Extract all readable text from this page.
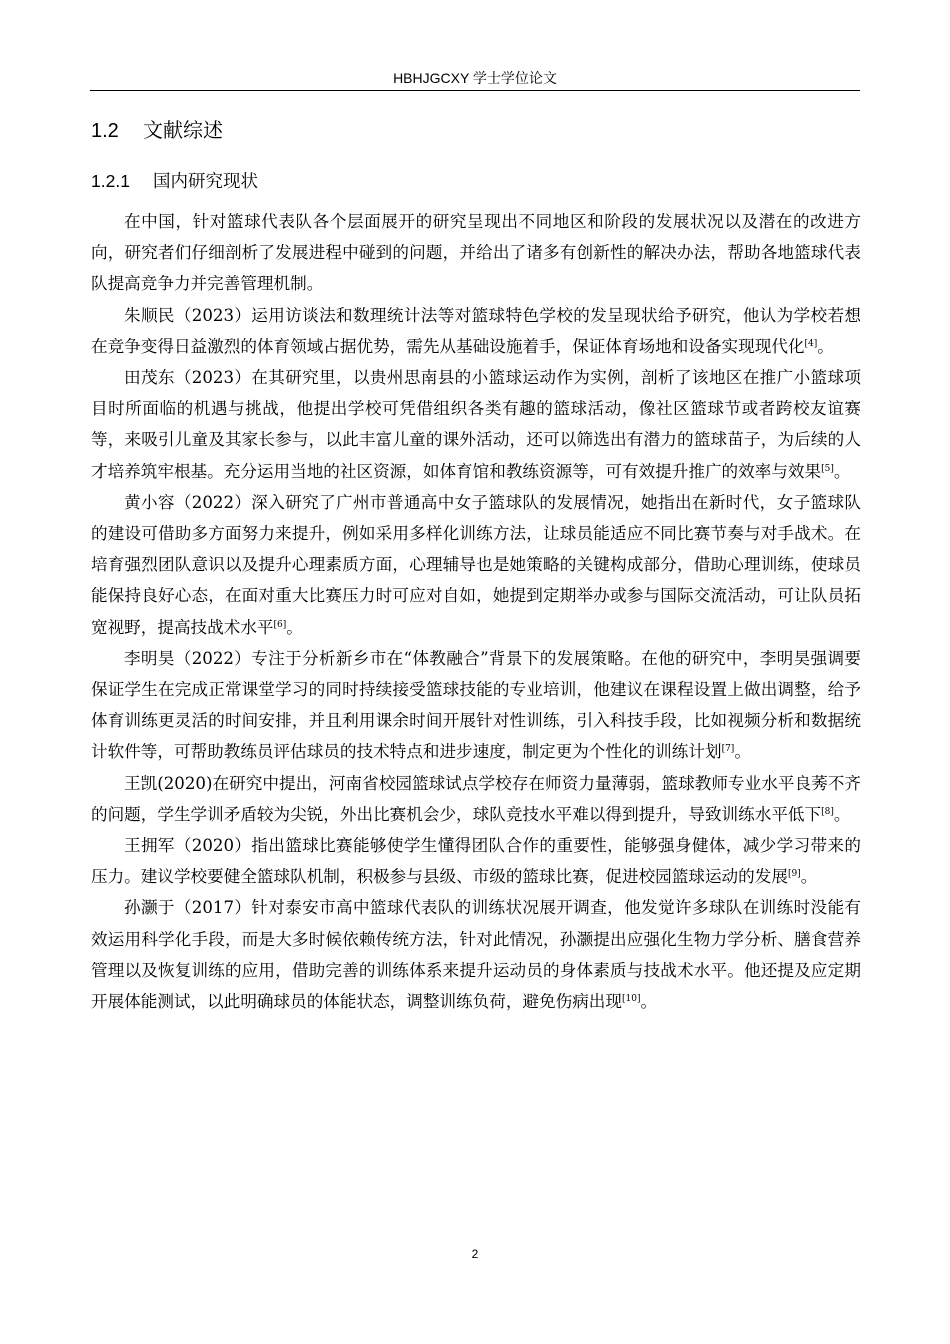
HBHJGCXY 学士学位论文
1.2 文献综述
1.2.1 国内研究现状

在中国，针对篮球代表队各个层面展开的研究呈现出不同地区和阶段的发展状况以及潜在的改进方向，研究者们仔细剖析了发展进程中碰到的问题，并给出了诸多有创新性的解决办法，帮助各地篮球代表队提高竞争力并完善管理机制。

朱顺民（2023）运用访谈法和数理统计法等对篮球特色学校的发呈现状给予研究，他认为学校若想在竞争变得日益激烈的体育领域占据优势，需先从基础设施着手，保证体育场地和设备实现现代化[4]。

田茂东（2023）在其研究里，以贵州思南县的小篮球运动作为实例，剖析了该地区在推广小篮球项目时所面临的机遇与挑战，他提出学校可凭借组织各类有趣的篮球活动，像社区篮球节或者跨校友谊赛等，来吸引儿童及其家长参与，以此丰富儿童的课外活动，还可以筛选出有潜力的篮球苗子，为后续的人才培养筑牢根基。充分运用当地的社区资源，如体育馆和教练资源等，可有效提升推广的效率与效果[5]。

黄小容（2022）深入研究了广州市普通高中女子篮球队的发展情况，她指出在新时代，女子篮球队的建设可借助多方面努力来提升，例如采用多样化训练方法，让球员能适应不同比赛节奏与对手战术。在培育强烈团队意识以及提升心理素质方面，心理辅导也是她策略的关键构成部分，借助心理训练，使球员能保持良好心态，在面对重大比赛压力时可应对自如，她提到定期举办或参与国际交流活动，可让队员拓宽视野，提高技战术水平[6]。

李明昊（2022）专注于分析新乡市在“体教融合”背景下的发展策略。在他的研究中，李明昊强调要保证学生在完成正常课堂学习的同时持续接受篮球技能的专业培训，他建议在课程设置上做出调整，给予体育训练更灵活的时间安排，并且利用课余时间开展针对性训练，引入科技手段，比如视频分析和数据统计软件等，可帮助教练员评估球员的技术特点和进步速度，制定更为个性化的训练计划[7]。

王凯(2020)在研究中提出，河南省校园篮球试点学校存在师资力量薄弱，篮球教师专业水平良莠不齐的问题，学生学训矛盾较为尖锐，外出比赛机会少，球队竞技水平难以得到提升，导致训练水平低下[8]。

王拥军（2020）指出篮球比赛能够使学生懂得团队合作的重要性，能够强身健体，减少学习带来的压力。建议学校要健全篮球队机制，积极参与县级、市级的篮球比赛，促进校园篮球运动的发展[9]。

孙灏于（2017）针对泰安市高中篮球代表队的训练状况展开调查，他发觉许多球队在训练时没能有效运用科学化手段，而是大多时候依赖传统方法，针对此情况，孙灏提出应强化生物力学分析、膳食营养管理以及恢复训练的应用，借助完善的训练体系来提升运动员的身体素质与技战术水平。他还提及应定期开展体能测试，以此明确球员的体能状态，调整训练负荷，避免伤病出现[10]。

2
